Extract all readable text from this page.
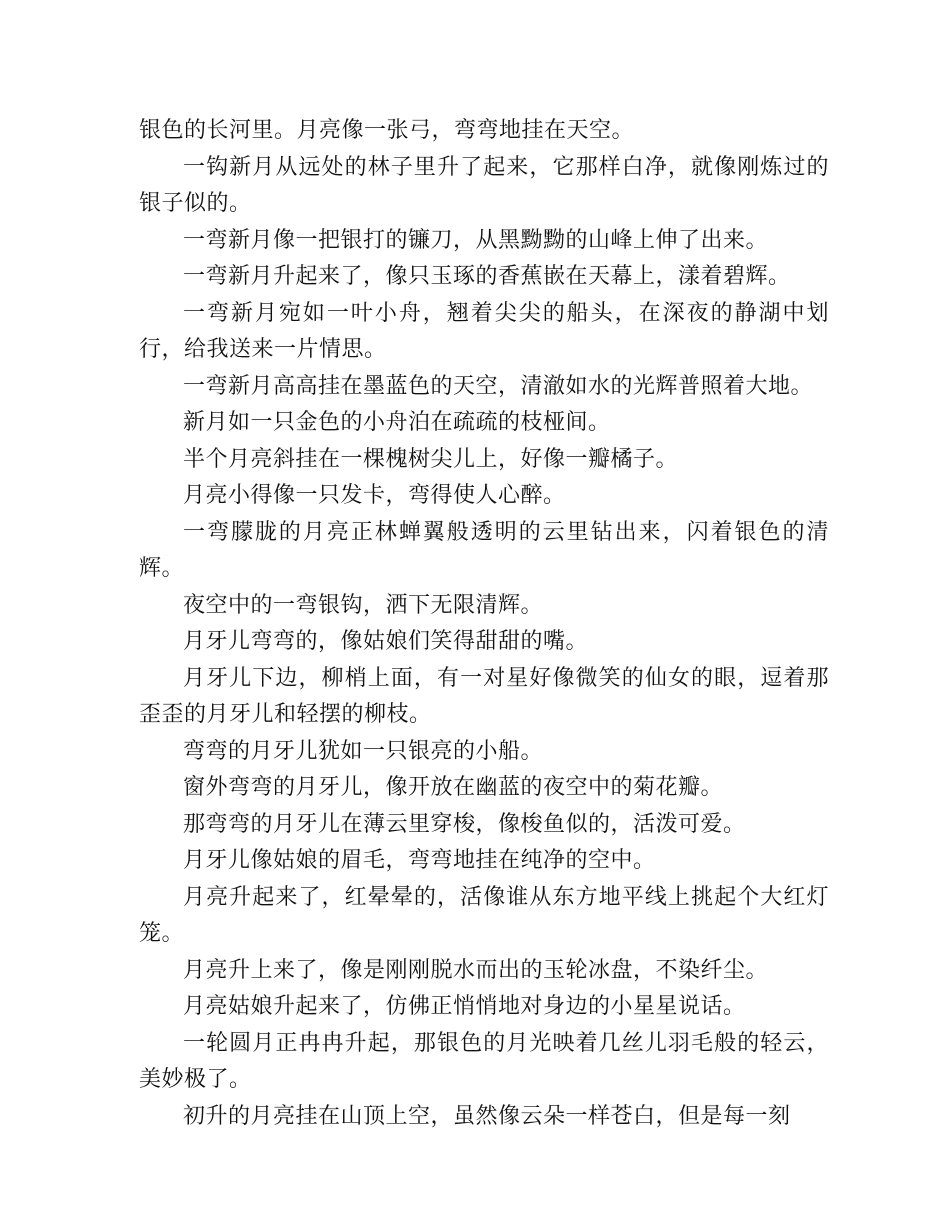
银色的长河里。月亮像一张弓，弯弯地挂在天空。

一钩新月从远处的林子里升了起来，它那样白净，就像刚炼过的银子似的。

一弯新月像一把银打的镰刀，从黑黝黝的山峰上伸了出来。

一弯新月升起来了，像只玉琢的香蕉嵌在天幕上，漾着碧辉。

一弯新月宛如一叶小舟，翘着尖尖的船头，在深夜的静湖中划行，给我送来一片情思。

一弯新月高高挂在墨蓝色的天空，清澈如水的光辉普照着大地。

新月如一只金色的小舟泊在疏疏的枝桠间。

半个月亮斜挂在一棵槐树尖儿上，好像一瓣橘子。

月亮小得像一只发卡，弯得使人心醉。

一弯朦胧的月亮正林蝉翼般透明的云里钻出来，闪着银色的清辉。

夜空中的一弯银钩，洒下无限清辉。

月牙儿弯弯的，像姑娘们笑得甜甜的嘴。

月牙儿下边，柳梢上面，有一对星好像微笑的仙女的眼，逗着那歪歪的月牙儿和轻摆的柳枝。

弯弯的月牙儿犹如一只银亮的小船。

窗外弯弯的月牙儿，像开放在幽蓝的夜空中的菊花瓣。

那弯弯的月牙儿在薄云里穿梭，像梭鱼似的，活泼可爱。

月牙儿像姑娘的眉毛，弯弯地挂在纯净的空中。

月亮升起来了，红晕晕的，活像谁从东方地平线上挑起个大红灯笼。

月亮升上来了，像是刚刚脱水而出的玉轮冰盘，不染纤尘。

月亮姑娘升起来了，仿佛正悄悄地对身边的小星星说话。

一轮圆月正冉冉升起，那银色的月光映着几丝儿羽毛般的轻云，美妙极了。

初升的月亮挂在山顶上空，虽然像云朵一样苍白，但是每一刻
